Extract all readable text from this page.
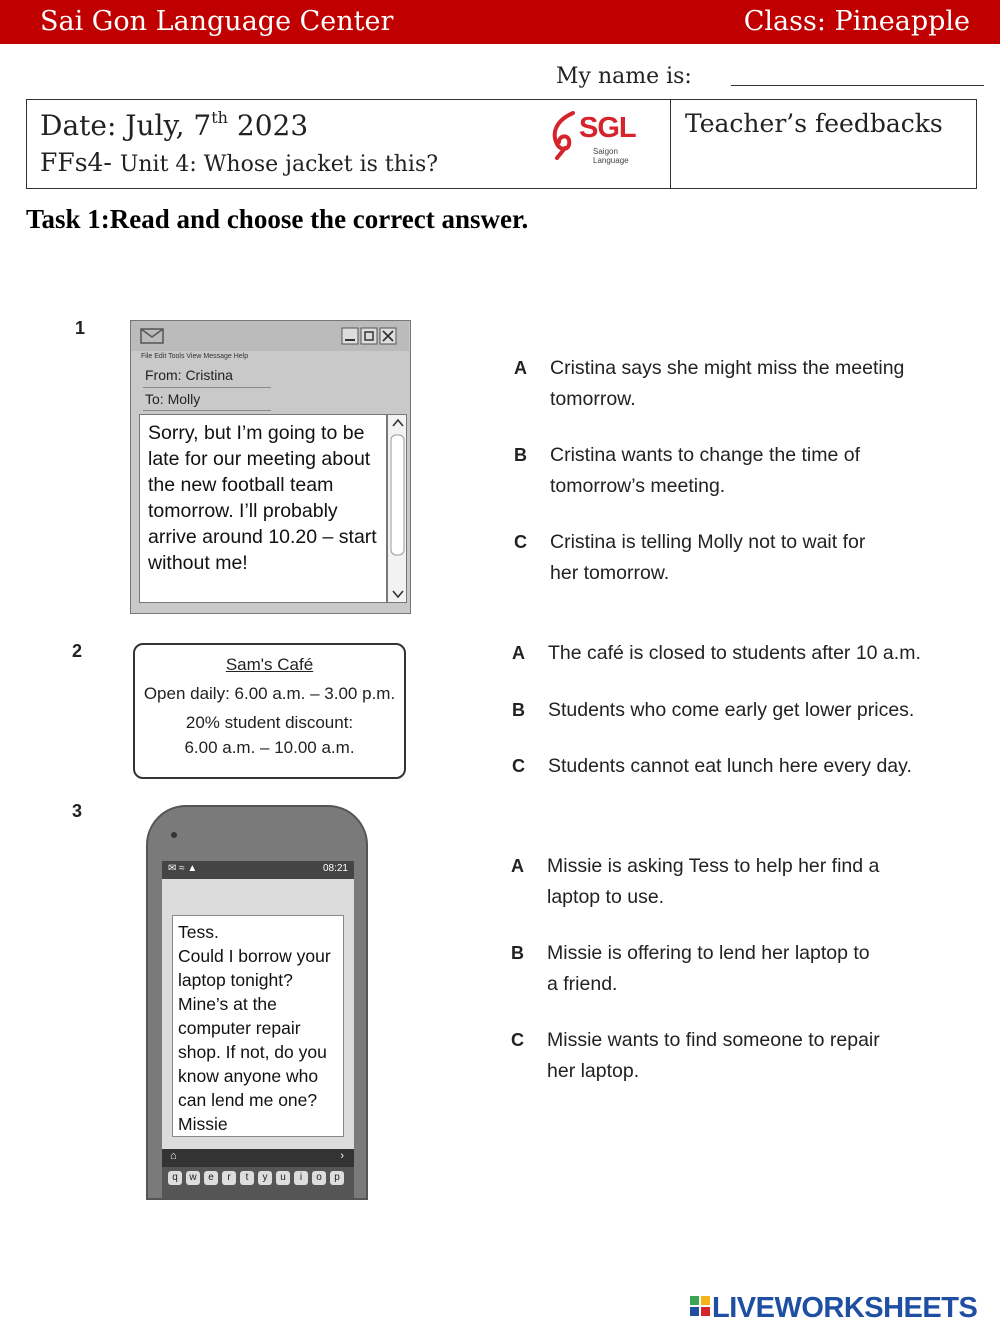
Sai Gon Language Center	Class: Pineapple
My name is:
Date: July, 7th 2023
FFs4- Unit 4: Whose jacket is this?
SGL
Saigon Language
Teacher’s feedbacks
Task 1:Read and choose the correct answer.
1
File Edit Tools View Message Help
From: Cristina
To: Molly
Sorry, but I’m going to be late for our meeting about the new football team tomorrow. I’ll probably arrive around 10.20 – start without me!
A Cristina says she might miss the meeting
tomorrow.
B Cristina wants to change the time of
tomorrow’s meeting.
C Cristina is telling Molly not to wait for
her tomorrow.
2
Sam's Café
Open daily: 6.00 a.m. – 3.00 p.m.
20% student discount:
6.00 a.m. – 10.00 a.m.
A The café is closed to students after 10 a.m.
B Students who come early get lower prices.
C Students cannot eat lunch here every day.
3
✉ ≈ ▲	08:21
Tess.
Could I borrow your
laptop tonight?
Mine’s at the
computer repair
shop. If not, do you
know anyone who
can lend me one?
Missie
⌂	›
q	w	e	r	t	y	u	i	o	p
A Missie is asking Tess to help her find a
laptop to use.
B Missie is offering to lend her laptop to
a friend.
C Missie wants to find someone to repair
her laptop.
LIVEWORKSHEETS
